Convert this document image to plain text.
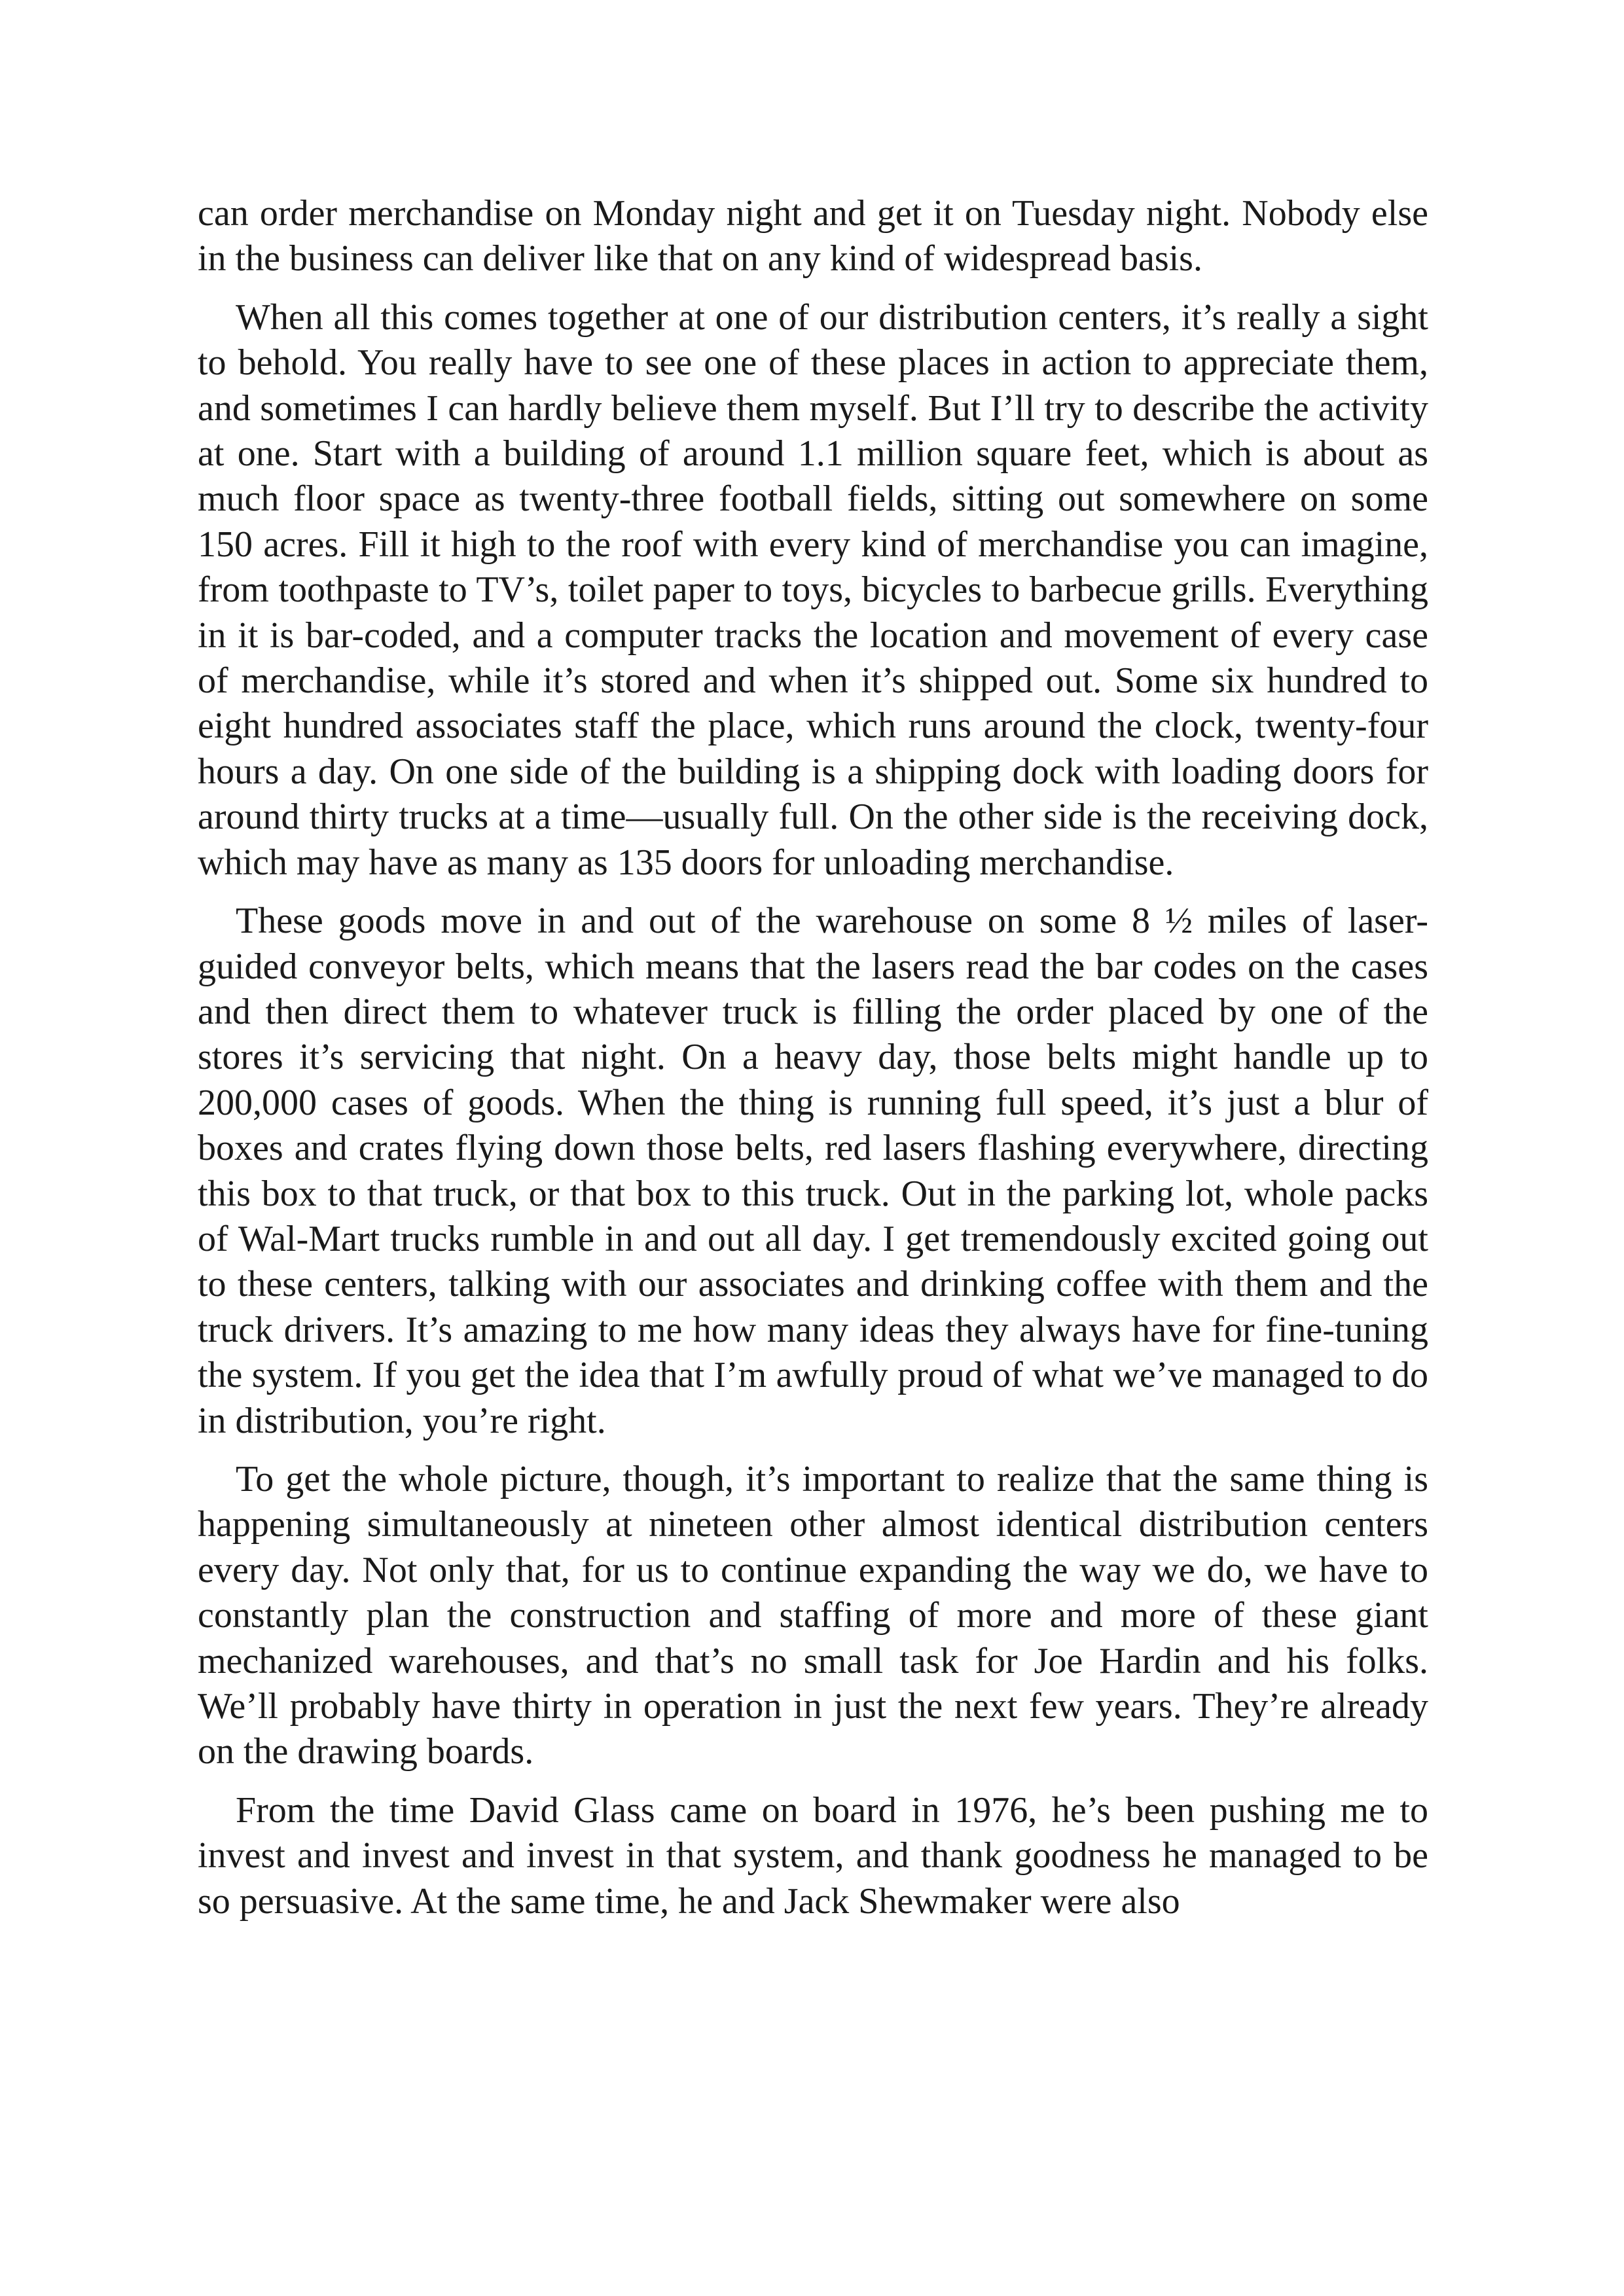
can order merchandise on Monday night and get it on Tuesday night. Nobody else in the business can deliver like that on any kind of widespread basis.

When all this comes together at one of our distribution centers, it’s really a sight to behold. You really have to see one of these places in action to appreciate them, and sometimes I can hardly believe them myself. But I’ll try to describe the activity at one. Start with a building of around 1.1 million square feet, which is about as much floor space as twenty-three football fields, sitting out somewhere on some 150 acres. Fill it high to the roof with every kind of merchandise you can imagine, from toothpaste to TV’s, toilet paper to toys, bicycles to barbecue grills. Everything in it is bar-coded, and a computer tracks the location and movement of every case of merchandise, while it’s stored and when it’s shipped out. Some six hundred to eight hundred associates staff the place, which runs around the clock, twenty-four hours a day. On one side of the building is a shipping dock with loading doors for around thirty trucks at a time—usually full. On the other side is the receiving dock, which may have as many as 135 doors for unloading merchandise.

These goods move in and out of the warehouse on some 8 ½ miles of laser-guided conveyor belts, which means that the lasers read the bar codes on the cases and then direct them to whatever truck is filling the order placed by one of the stores it’s servicing that night. On a heavy day, those belts might handle up to 200,000 cases of goods. When the thing is running full speed, it’s just a blur of boxes and crates flying down those belts, red lasers flashing everywhere, directing this box to that truck, or that box to this truck. Out in the parking lot, whole packs of Wal-Mart trucks rumble in and out all day. I get tremendously excited going out to these centers, talking with our associates and drinking coffee with them and the truck drivers. It’s amazing to me how many ideas they always have for fine-tuning the system. If you get the idea that I’m awfully proud of what we’ve managed to do in distribution, you’re right.

To get the whole picture, though, it’s important to realize that the same thing is happening simultaneously at nineteen other almost identical distribution centers every day. Not only that, for us to continue expanding the way we do, we have to constantly plan the construction and staffing of more and more of these giant mechanized warehouses, and that’s no small task for Joe Hardin and his folks. We’ll probably have thirty in operation in just the next few years. They’re already on the drawing boards.

From the time David Glass came on board in 1976, he’s been pushing me to invest and invest and invest in that system, and thank goodness he managed to be so persuasive. At the same time, he and Jack Shewmaker were also
